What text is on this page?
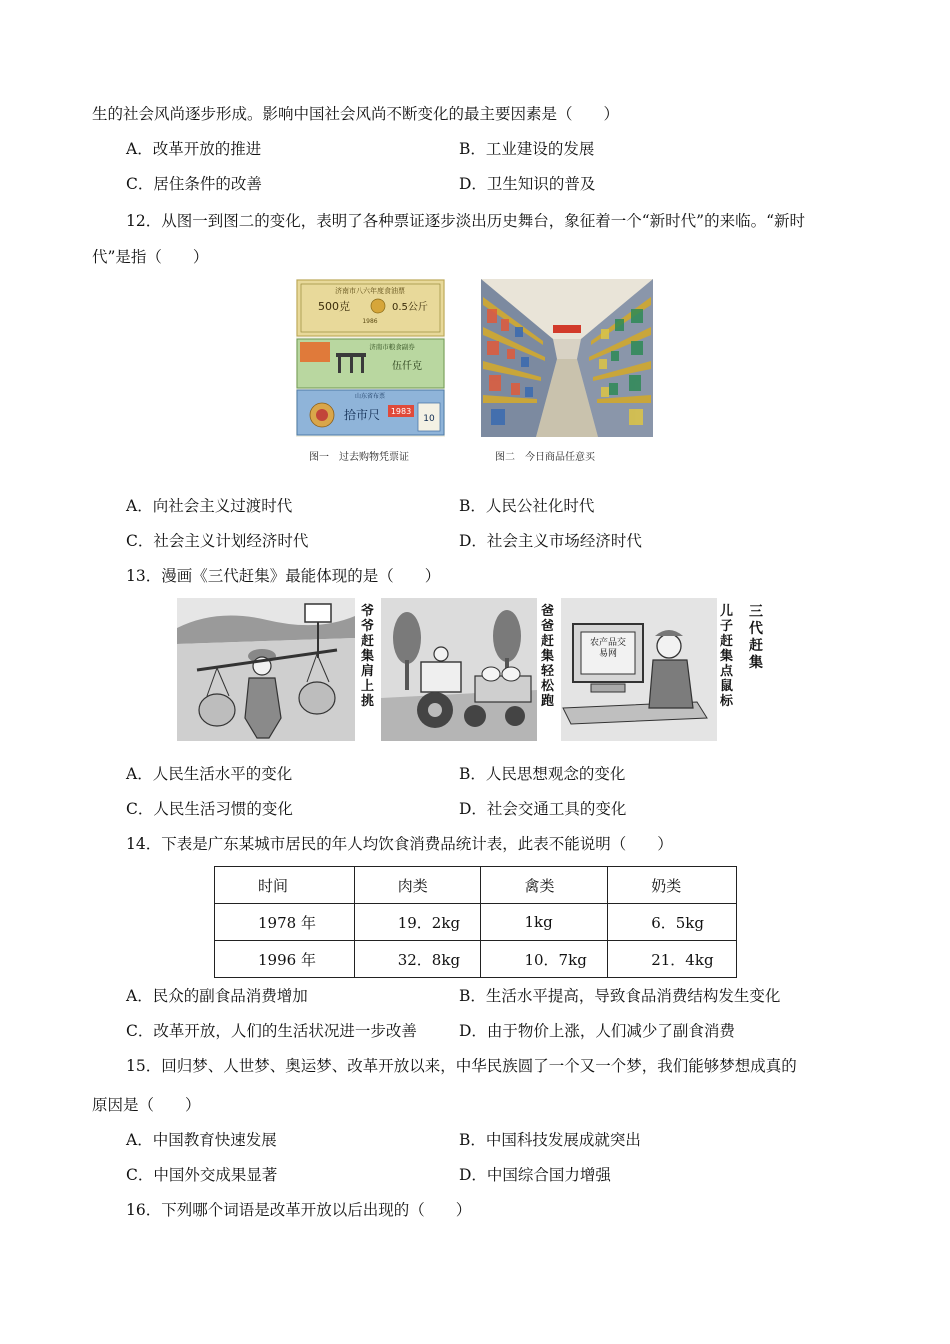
生的社会风尚逐步形成。影响中国社会风尚不断变化的最主要因素是（　　）
A．改革开放的推进	B．工业建设的发展
C．居住条件的改善	D．卫生知识的普及
12．从图一到图二的变化，表明了各种票证逐步淡出历史舞台，象征着一个“新时代”的来临。“新时
代”是指（　　）
济南市八六年度食油票
500克	0.5公斤
1986
济南市粮食副券
伍仟克
山东省布票
拾市尺 1983
10
图一　过去购物凭票证	图二　今日商品任意买
A．向社会主义过渡时代	B．人民公社化时代
C．社会主义计划经济时代	D．社会主义市场经济时代
13．漫画《三代赶集》最能体现的是（　　）
爷爷赶集肩上挑
爸爸赶集轻松跑
儿子赶集点鼠标
农产品交易网
三代赶集
A．人民生活水平的变化	B．人民思想观念的变化
C．人民生活习惯的变化	D．社会交通工具的变化
14．下表是广东某城市居民的年人均饮食消费品统计表，此表不能说明（　　）
时间	肉类	禽类	奶类
1978 年	19．2kg	1kg	6．5kg
1996 年	32．8kg	10．7kg	21．4kg
A．民众的副食品消费增加	B．生活水平提高，导致食品消费结构发生变化
C．改革开放，人们的生活状况进一步改善	D．由于物价上涨，人们减少了副食消费
15．回归梦、人世梦、奥运梦、改革开放以来，中华民族圆了一个又一个梦，我们能够梦想成真的
原因是（　　）
A．中国教育快速发展	B．中国科技发展成就突出
C．中国外交成果显著	D．中国综合国力增强
16．下列哪个词语是改革开放以后出现的（　　）
